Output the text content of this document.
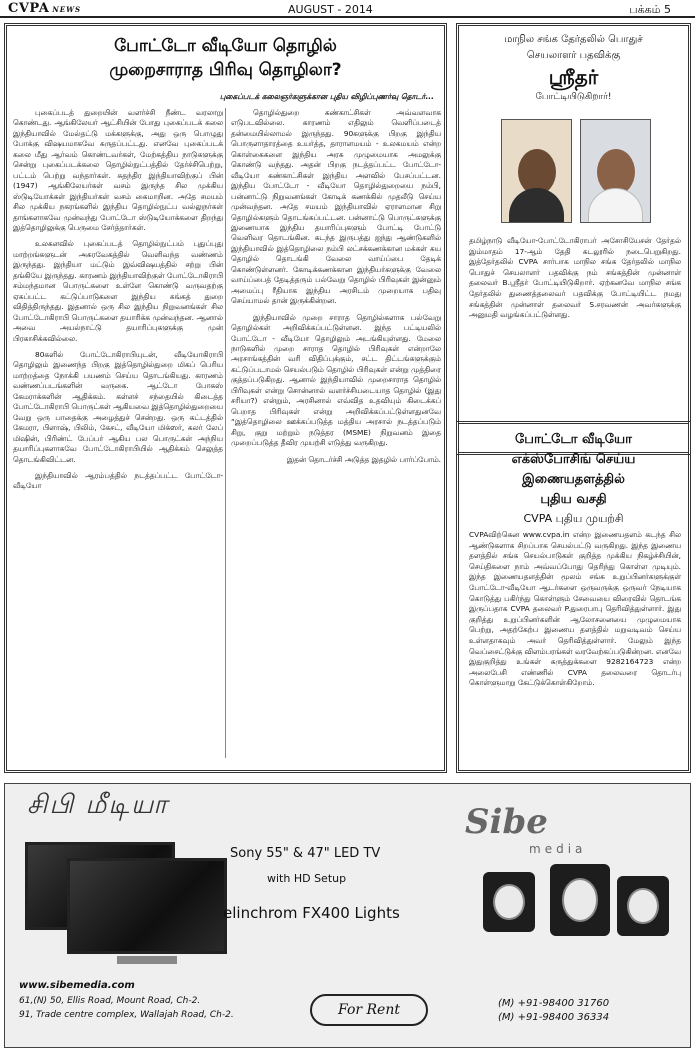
CVPA NEWS	AUGUST - 2014	பக்கம் 5
போட்டோ வீடியோ தொழில்
முறைசாராத பிரிவு தொழிலா?
புகைப்படக் கலைஞர்களுக்கான புதிய விழிப்புணர்வு தொடர்...

புகைப்படத் துறையின் வளர்ச்சி நீண்ட வரலாறு கொண்டது. ஆங்கிலேயர் ஆட்சியின் போது புகைப்படக் கலை இந்தியாவில் மேல்தட்டு மக்களுக்கு, அது ஒரு பொழுது போக்கு விஷயமாகவே கருதப்பட்டது. எனவே புகைப்படக் கலை மீது ஆர்வம் கொண்டவர்கள், மேற்கத்திய நாடுகளுக்கு சென்று புகைப்படக்கலை தொழில்நுட்பத்தில் தேர்ச்சிபெற்று, பட்டம் பெற்று வந்தார்கள். சுதந்திர இந்தியாவிற்குப் பின் (1947) ஆங்கிலேயர்கள் வசம் இருந்த சில முக்கிய ஸ்டுடியோக்கள் இந்தியர்கள் வசம் கைமாறின. அதே சமயம் சில முக்கிய நகரங்களில் இந்திய தொழில்நுட்ப வல்லுநர்கள் தாங்களாகவே முன்வந்து போட்டோ ஸ்டுடியோக்களை திறந்து இத்தொழிலுக்கு பெருமை சேர்த்தார்கள்.

உலகளவில் புகைப்படத் தொழில்நுட்பம் புதுப்புது மாற்றங்களுடன் அசுரவேகத்தில் வெளிவந்த வண்ணம் இருந்தது. இந்தியா மட்டும் இவ்விஷயத்தில் சற்று பின் தங்கியே இருந்தது. காரணம் இந்தியாவிற்குள் போட்டோகிராபி சம்மந்தமான பொருட்களை உள்ளே கொண்டு வருவதற்கு ஏகப்பட்ட கட்டுப்பாடுகளை இந்திய சுங்கத் துறை விதித்திருந்தது. இதனால் ஒரு சில இந்திய நிறுவனங்கள் சில போட்டோகிராபி பொருட்களை தயாரிக்க முன்வந்தன. ஆனால் அவை அயல்நாட்டு தயாரிப்புகளுக்கு முன் பிரகாசிக்கவில்லை.

80களில் போட்டோகிராபியுடன், வீடியோகிராபி தொழிலும் இணைந்த பிறகு இத்தொழில்துறை மிகப் பெரிய மாற்றத்தை நோக்கி பயணம் செய்ய தொடங்கியது. காரணம் வண்ணப்படங்களின் வருகை. ஆட்டோ போகஸ் கேமராக்களின் ஆதிக்கம். கள்ளச் சந்தையில் கிடைத்த போட்டோகிராபி பொருட்கள் ஆகியவை இத்தொழில்துறையை வேறு ஒரு பாதைக்கு அழைத்துச் சென்றது. ஒரு கட்டத்தில் கேமரா, பிளாஷ், பிலிம், கேசட், வீடியோ மிக்ஸர், கலர் லேப் மிஷின், பிரிண்ட் பேப்பர் ஆகிய பல பொருட்கள் அந்நிய தயாரிப்புகளாகவே போட்டோகிராபியில் ஆதிக்கம் செலுத்த தொடங்கிவிட்டன.

இந்தியாவில் ஆரம்பத்தில் நடத்தப்பட்ட போட்டோ-வீடியோ

தொழில்துறை கண்காட்சிகள் அவ்வளவாக எடுபடவில்லை. காரணம் எதிலும் வெளிப்படைத் தன்மையில்லாமல் இருந்தது. 90களுக்கு பிறகு இந்திய பொருளாதாரத்தை உயர்த்த, தாராளமயம் - உலகமயம் என்ற கொள்கைகளை இந்திய அரசு முழுமையாக அமலுக்கு கொண்டு வந்தது. அதன் பிறகு நடத்தப்பட்ட போட்டோ-வீடியோ கண்காட்சிகள் இந்திய அளவில் பேசப்பட்டன. இந்திய போட்டோ - வீடியோ தொழில்துறையை நம்பி, பன்னாட்டு நிறுவனங்கள் கோடிக் கணக்கில் முதலீடு செய்ய முன்வந்தன. அதே சமயம் இந்தியாவில் ஏராளமான சிறு தொழில்களும் தொடங்கப்பட்டன. பன்னாட்டு பொருட்களுக்கு இணையாக இந்திய தயாரிப்புகளும் போட்டி போட்டு வெளிவர தொடங்கின. கடந்த இருபத்து ஐந்து ஆண்டுகளில் இந்தியாவில் இத்தொழிலை நம்பி லட்சக்கணக்கான மக்கள் சுய தொழில் தொடங்கி வேலை வாய்ப்பை தேடிக் கொண்டுள்ளனர். கோடிக்கணக்கான இந்தியர்களுக்கு வேலை வாய்ப்பைத் தேடித்தரும் பல்வேறு தொழில் பிரிவுகள் இன்னும் அமைப்பு ரீதியாக இந்திய அரசிடம் முறையாக பதிவு செய்யாமல் தான் இருக்கின்றன.

இந்தியாவில் முறை சாராத தொழில்களாக பல்வேறு தொழில்கள் அறிவிக்கப்பட்டுள்ளன. இந்த பட்டியலில் போட்டோ - வீடியோ தொழிலும் அடங்கியுள்ளது. மேலை நாடுகளில் முறை சாராத தொழில் பிரிவுகள் என்றாலே அரசாங்கத்தின் வரி விதிப்புக்கும், சட்ட திட்டங்களுக்கும் கட்டுப்படாமல் செயல்படும் தொழில் பிரிவுகள் என்று முத்திரை குத்தப்படுகிறது. ஆனால் இந்தியாவில் முறைசாராத தொழில் பிரிவுகள் என்று சொன்னால் வளர்ச்சியடையாத தொழில் (இது சரியா?) என்றும், அரசினால் எவ்வித உதவியும் கிடைக்கப் பெறாத பிரிவுகள் என்று அறிவிக்கப்பட்டுள்ளதுனவே “இத்தொழிலை ஊக்கப்படுத்த மத்திய அரசால் நடத்தப்படும் சிறு, குறு மற்றும் நடுத்தர (MSME) நிறுவனம் இதை முறைப்படுத்த தீவிர முயற்சி எடுத்து வருகிறது.

இதன் தொடர்ச்சி அடுத்த இதழில் பார்ப்போம்.

மாநில சங்க தேர்தலில் பொதுச்
செயலாளர் பதவிக்கு
ஸ்ரீதர்
போட்டியிடுகிறார்!
தமிழ்நாடு வீடியோ-போட்டோகிராபர் அசோசியேசன் தேர்தல் இம்மாதம் 17-ஆம் தேதி கடலூரில் நடைபெறுகிறது. இத்தேர்தலில் CVPA சார்பாக மாநில சங்க தேர்தலில் மாநில பொதுச் செயலாளர் பதவிக்கு நம் சங்கத்தின் முன்னாள் தலைவர் B.ஸ்ரீதர் போட்டியிடுகிறார். ஏற்கனவே மாநில சங்க தேர்தலில் துணைத்தலைவர் பதவிக்கு போட்டியிட்ட நமது சங்கத்தின் முன்னாள் தலைவர் S.சரவணன் அவர்களுக்கு அனுமதி வழங்கப்பட்டுள்ளது.
போட்டோ வீடியோ
எக்ஸ்போசிங் செய்ய
இணையதளத்தில்
புதிய வசதி
CVPA புதிய முயற்சி
CVPAவிற்கென www.cvpa.in என்ற இணையதளம் கடந்த சில ஆண்டுகளாக சிறப்பாக செயல்பட்டு வருகிறது. இந்த இணைய தளத்தில் சங்க செயல்பாடுகள் குறித்த முக்கிய நிகழ்ச்சியின், செய்திகளை நாம் அவ்வப்போது தெரிந்து கொள்ள முடியும். இந்த இணையதளத்தின் மூலம் சங்க உறுப்பினர்களுக்குள் போட்டோ-வீடியோ ஆடர்களை ஒருவருக்கு ஒருவர் நேடியாக கொடுத்து பகிர்ந்து கொள்ளும் சேவையை விரைவில் தொடங்க இருப்பதாக CVPA தலைவர் P.துரைபாபு தெரிவித்துள்ளார். இது குறித்து உறுப்பினர்களின் ஆலோசனையை முழுமையாக பெற்று, அதற்கேற்ப இணைய தளத்தில் மறுவடிவம் செய்ய உள்ளதாகவும் அவர் தெரிவித்துள்ளார். மேலும் இந்த வெப்சைட்டுக்கு விளம்பரங்கள் வரவேற்கப்படுகின்றன. எனவே இதுகுறித்து உங்கள் கருத்துக்களை 9282164723 என்ற அலைபேசி எண்ணில் CVPA தலைவரை தொடர்பு கொள்ளுமாறு கேட்டுக்கொள்கிறோம்.
சிபி மீடியா
Sony 55" & 47" LED TV
with HD Setup
elinchrom FX400 Lights
www.sibemedia.com
61,(N) 50, Ellis Road, Mount Road, Ch-2.
91, Trade centre complex, Wallajah Road, Ch-2.	For Rent
Sibe
media
(M) +91-98400 31760
(M) +91-98400 36334
